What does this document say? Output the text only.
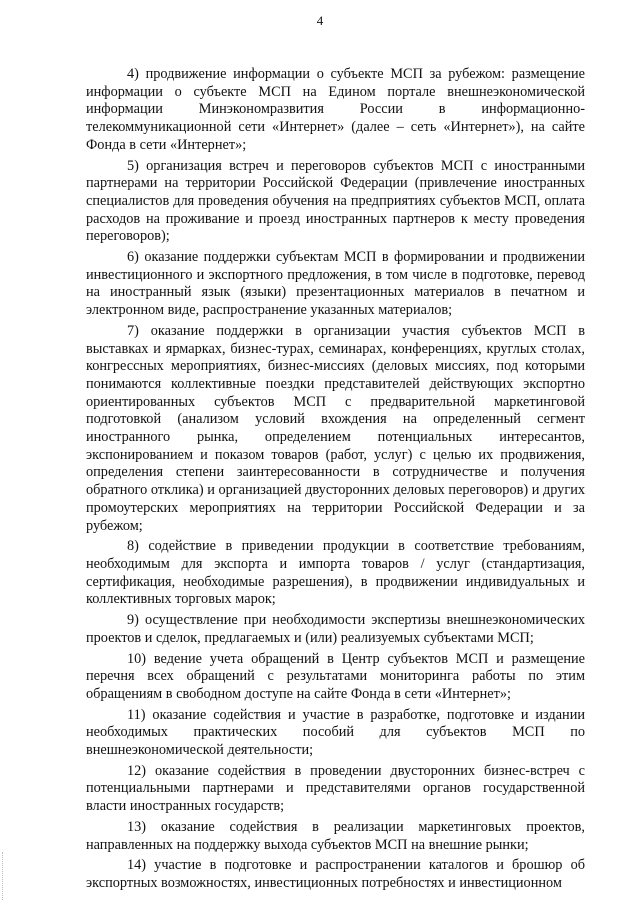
4

4) продвижение информации о субъекте МСП за рубежом: размещение информации о субъекте МСП на Едином портале внешнеэкономической информации Минэкономразвития России в информационно-телекоммуникационной сети «Интернет» (далее – сеть «Интернет»), на сайте Фонда в сети «Интернет»;

5) организация встреч и переговоров субъектов МСП с иностранными партнерами на территории Российской Федерации (привлечение иностранных специалистов для проведения обучения на предприятиях субъектов МСП, оплата расходов на проживание и проезд иностранных партнеров к месту проведения переговоров);

6) оказание поддержки субъектам МСП в формировании и продвижении инвестиционного и экспортного предложения, в том числе в подготовке, перевод на иностранный язык (языки) презентационных материалов в печатном и электронном виде, распространение указанных материалов;

7) оказание поддержки в организации участия субъектов МСП в выставках и ярмарках, бизнес-турах, семинарах, конференциях, круглых столах, конгрессных мероприятиях, бизнес-миссиях (деловых миссиях, под которыми понимаются коллективные поездки представителей действующих экспортно ориентированных субъектов МСП с предварительной маркетинговой подготовкой (анализом условий вхождения на определенный сегмент иностранного рынка, определением потенциальных интересантов, экспонированием и показом товаров (работ, услуг) с целью их продвижения, определения степени заинтересованности в сотрудничестве и получения обратного отклика) и организацией двусторонних деловых переговоров) и других промоутерских мероприятиях на территории Российской Федерации и за рубежом;

8) содействие в приведении продукции в соответствие требованиям, необходимым для экспорта и импорта товаров / услуг (стандартизация, сертификация, необходимые разрешения), в продвижении индивидуальных и коллективных торговых марок;

9) осуществление при необходимости экспертизы внешнеэкономических проектов и сделок, предлагаемых и (или) реализуемых субъектами МСП;

10) ведение учета обращений в Центр субъектов МСП и размещение перечня всех обращений с результатами мониторинга работы по этим обращениям в свободном доступе на сайте Фонда в сети «Интернет»;

11) оказание содействия и участие в разработке, подготовке и издании необходимых практических пособий для субъектов МСП по внешнеэкономической деятельности;

12) оказание содействия в проведении двусторонних бизнес-встреч с потенциальными партнерами и представителями органов государственной власти иностранных государств;

13) оказание содействия в реализации маркетинговых проектов, направленных на поддержку выхода субъектов МСП на внешние рынки;

14) участие в подготовке и распространении каталогов и брошюр об экспортных возможностях, инвестиционных потребностях и инвестиционном
